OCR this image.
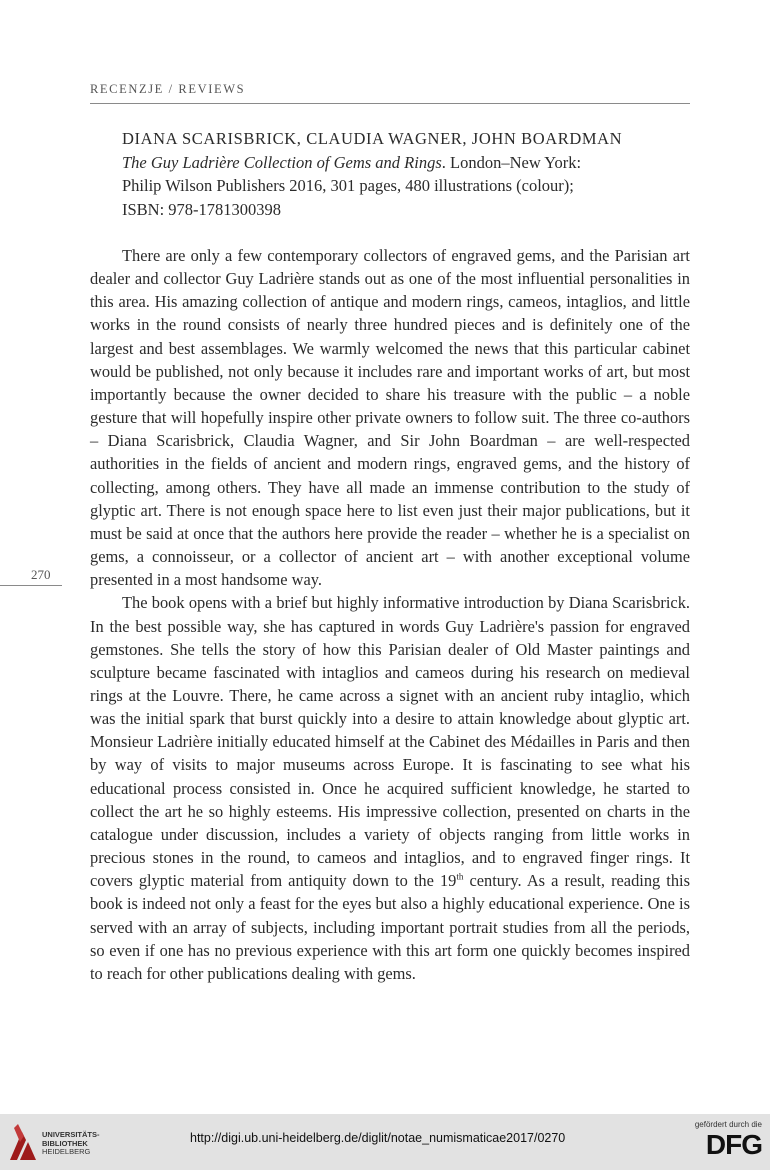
RECENZJE / REVIEWS
DIANA SCARISBRICK, CLAUDIA WAGNER, JOHN BOARDMAN
The Guy Ladrière Collection of Gems and Rings. London–New York:
Philip Wilson Publishers 2016, 301 pages, 480 illustrations (colour);
ISBN: 978-1781300398

There are only a few contemporary collectors of engraved gems, and the Parisian art dealer and collector Guy Ladrière stands out as one of the most influential personalities in this area. His amazing collection of antique and modern rings, cameos, intaglios, and little works in the round consists of nearly three hundred pieces and is definitely one of the largest and best assemblages. We warmly welcomed the news that this particular cabinet would be published, not only because it includes rare and important works of art, but most importantly because the owner decided to share his treasure with the public – a noble gesture that will hopefully inspire other private owners to follow suit. The three co-authors – Diana Scarisbrick, Claudia Wagner, and Sir John Boardman – are well-respected authorities in the fields of ancient and modern rings, engraved gems, and the history of collecting, among others. They have all made an immense contribution to the study of glyptic art. There is not enough space here to list even just their major publications, but it must be said at once that the authors here provide the reader – whether he is a specialist on gems, a connoisseur, or a collector of ancient art – with another exceptional volume presented in a most handsome way.

The book opens with a brief but highly informative introduction by Diana Scarisbrick. In the best possible way, she has captured in words Guy Ladrière's passion for engraved gemstones. She tells the story of how this Parisian dealer of Old Master paintings and sculpture became fascinated with intaglios and cameos during his research on medieval rings at the Louvre. There, he came across a signet with an ancient ruby intaglio, which was the initial spark that burst quickly into a desire to attain knowledge about glyptic art. Monsieur Ladrière initially educated himself at the Cabinet des Médailles in Paris and then by way of visits to major museums across Europe. It is fascinating to see what his educational process consisted in. Once he acquired sufficient knowledge, he started to collect the art he so highly esteems. His impressive collection, presented on charts in the catalogue under discussion, includes a variety of objects ranging from little works in precious stones in the round, to cameos and intaglios, and to engraved finger rings. It covers glyptic material from antiquity down to the 19th century. As a result, reading this book is indeed not only a feast for the eyes but also a highly educational experience. One is served with an array of subjects, including important portrait studies from all the periods, so even if one has no previous experience with this art form one quickly becomes inspired to reach for other publications dealing with gems.

270
UNIVERSITÄTS-
BIBLIOTHEK
HEIDELBERG
http://digi.ub.uni-heidelberg.de/diglit/notae_numismaticae2017/0270
gefördert durch die
DFG
